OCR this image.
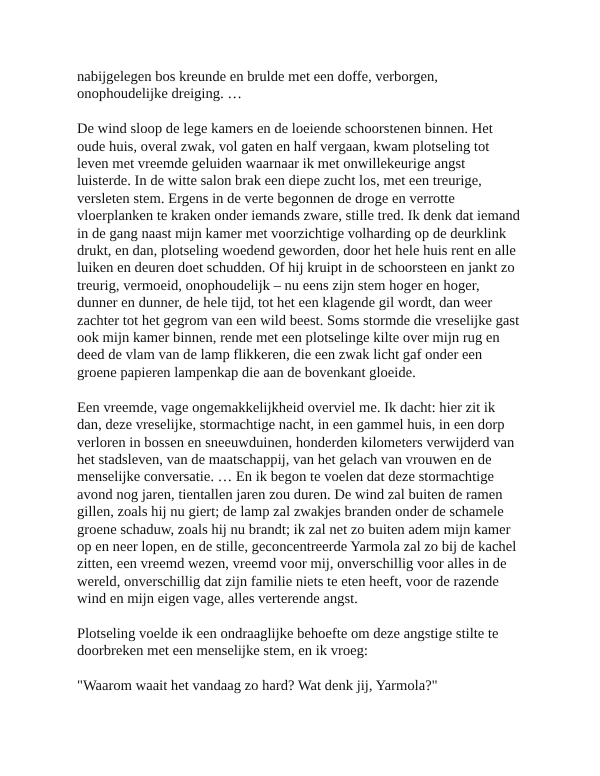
nabijgelegen bos kreunde en brulde met een doffe, verborgen,
onophoudelijke dreiging. …

De wind sloop de lege kamers en de loeiende schoorstenen binnen. Het
oude huis, overal zwak, vol gaten en half vergaan, kwam plotseling tot
leven met vreemde geluiden waarnaar ik met onwillekeurige angst
luisterde. In de witte salon brak een diepe zucht los, met een treurige,
versleten stem. Ergens in de verte begonnen de droge en verrotte
vloerplanken te kraken onder iemands zware, stille tred. Ik denk dat iemand
in de gang naast mijn kamer met voorzichtige volharding op de deurklink
drukt, en dan, plotseling woedend geworden, door het hele huis rent en alle
luiken en deuren doet schudden. Of hij kruipt in de schoorsteen en jankt zo
treurig, vermoeid, onophoudelijk – nu eens zijn stem hoger en hoger,
dunner en dunner, de hele tijd, tot het een klagende gil wordt, dan weer
zachter tot het gegrom van een wild beest. Soms stormde die vreselijke gast
ook mijn kamer binnen, rende met een plotselinge kilte over mijn rug en
deed de vlam van de lamp flikkeren, die een zwak licht gaf onder een
groene papieren lampenkap die aan de bovenkant gloeide.

Een vreemde, vage ongemakkelijkheid overviel me. Ik dacht: hier zit ik
dan, deze vreselijke, stormachtige nacht, in een gammel huis, in een dorp
verloren in bossen en sneeuwduinen, honderden kilometers verwijderd van
het stadsleven, van de maatschappij, van het gelach van vrouwen en de
menselijke conversatie. … En ik begon te voelen dat deze stormachtige
avond nog jaren, tientallen jaren zou duren. De wind zal buiten de ramen
gillen, zoals hij nu giert; de lamp zal zwakjes branden onder de schamele
groene schaduw, zoals hij nu brandt; ik zal net zo buiten adem mijn kamer
op en neer lopen, en de stille, geconcentreerde Yarmola zal zo bij de kachel
zitten, een vreemd wezen, vreemd voor mij, onverschillig voor alles in de
wereld, onverschillig dat zijn familie niets te eten heeft, voor de razende
wind en mijn eigen vage, alles verterende angst.

Plotseling voelde ik een ondraaglijke behoefte om deze angstige stilte te
doorbreken met een menselijke stem, en ik vroeg:

"Waarom waait het vandaag zo hard? Wat denk jij, Yarmola?"
